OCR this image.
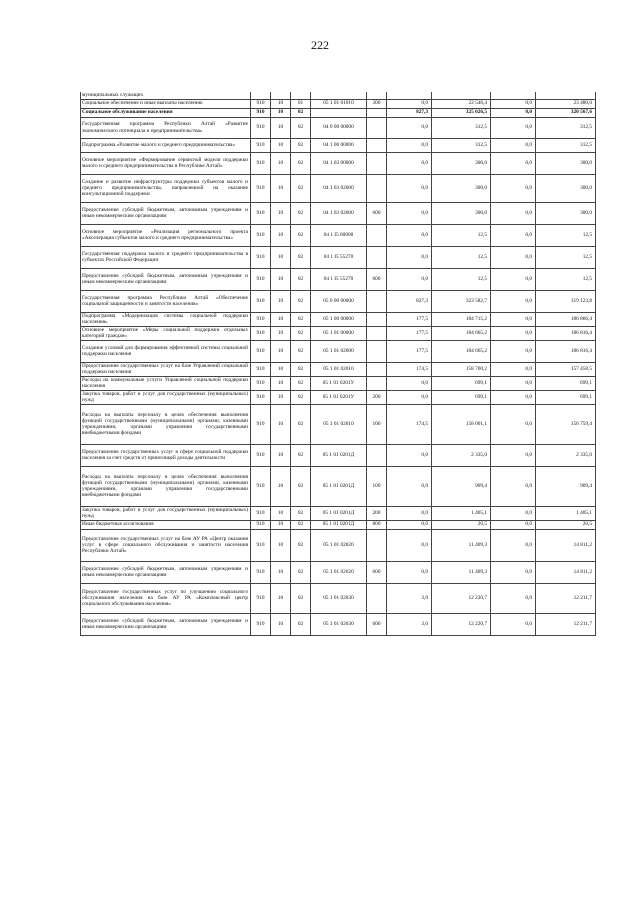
222
муниципальных служащих									
Социальное обеспечение и иные выплаты населению	910	10	01	05 1 01 01010	300	0,0	22 546,4	0,0	23 480,0
Социальное обслуживание населения	910	10	02			827,3	325 026,5	0,0	320 567,6
Государственная программа Республики Алтай «Развитие экономического потенциала и предпринимательства»	910	10	02	04 0 00 00000		0,0	312,5	0,0	312,5
Подпрограмма «Развитие малого и среднего предпринимательства»	910	10	02	04 1 00 00000		0,0	312,5	0,0	312,5
Основное мероприятие «Формирование сервисной модели поддержки малого и среднего предпринимательства в Республике Алтай»	910	10	02	04 1 03 00000		0,0	300,0	0,0	300,0
Создание и развитие инфраструктуры поддержки субъектов малого и среднего предпринимательства, направленной на оказание консультационной поддержки	910	10	02	04 1 03 02000		0,0	300,0	0,0	300,0
Предоставление субсидий бюджетным, автономным учреждениям и иным некоммерческим организациям	910	10	02	04 1 03 02000	600	0,0	300,0	0,0	300,0
Основное мероприятие «Реализация регионального проекта «Акселерация субъектов малого и среднего предпринимательства»	910	10	02	04 1 I5 00000		0,0	12,5	0,0	12,5
Государственная поддержка малого и среднего предпринимательства в субъектах Российской Федерации	910	10	02	04 1 I5 55270		0,0	12,5	0,0	12,5
Предоставление субсидий бюджетным, автономным учреждениям и иным некоммерческим организациям	910	10	02	04 1 I5 55270	600	0,0	12,5	0,0	12,5
Государственная программа Республики Алтай «Обеспечение социальной защищенности и занятости населения»	910	10	02	05 0 00 00000		827,3	323 582,7	0,0	319 123,8
Подпрограмма «Модернизация системы социальной поддержки населения»	910	10	02	05 1 00 00000		177,5	184 715,2	0,0	186 866,4
Основное мероприятие «Меры социальной поддержки отдельных категорий граждан»	910	10	02	05 1 01 00000		177,5	184 665,2	0,0	186 816,4
Создание условий для формирования эффективной системы социальной поддержки населения	910	10	02	05 1 01 02000		177,5	184 665,2	0,0	186 816,4
Предоставление государственных услуг на базе Управлений социальной поддержки населения	910	10	02	05 1 01 02010		174,5	158 700,2	0,0	157 458,5
Расходы на коммунальные услуги Управлений социальной поддержки населения	910	10	02	05 1 01 0201У		0,0	699,1	0,0	699,1
Закупка товаров, работ и услуг для государственных (муниципальных) нужд	910	10	02	05 1 01 0201У	200	0,0	699,1	0,0	699,1
Расходы на выплаты персоналу в целях обеспечения выполнения функций государственными (муниципальными) органами, казенными учреждениями, органами управления государственными внебюджетными фондами	910	10	02	05 1 01 02010	100	174,5	158 001,1	0,0	156 759,4
Предоставление государственных услуг в сфере социальной поддержки населения за счет средств от приносящей доходы деятельности	910	10	02	05 1 01 0201Д		0,0	2 335,0	0,0	2 335,0
Расходы на выплаты персоналу в целях обеспечения выполнения функций государственными (муниципальными) органами, казенными учреждениями, органами управления государственными внебюджетными фондами	910	10	02	05 1 01 0201Д	100	0,0	909,4	0,0	909,4
Закупка товаров, работ и услуг для государственных (муниципальных) нужд	910	10	02	05 1 01 0201Д	200	0,0	1 405,1	0,0	1 405,1
Иные бюджетные ассигнования	910	10	02	05 1 01 0201Д	800	0,0	20,5	0,0	20,5
Предоставление государственных услуг на базе АУ РА «Центр оказания услуг в сфере социального обслуживания и занятости населения Республики Алтай»	910	10	02	05 1 01 02020		0,0	11 409,3	0,0	14 811,2
Предоставление субсидий бюджетным, автономным учреждениям и иным некоммерческим организациям	910	10	02	05 1 01 02020	600	0,0	11 409,3	0,0	14 811,2
Предоставление государственных услуг по улучшению социального обслуживания населения на базе АУ РА «Комплексный центр социального обслуживания населения»	910	10	02	05 1 01 02030		3,0	12 220,7	0,0	12 211,7
Предоставление субсидий бюджетным, автономным учреждениям и иным некоммерческим организациям	910	10	02	05 1 01 02030	600	3,0	12 220,7	0,0	12 211,7
